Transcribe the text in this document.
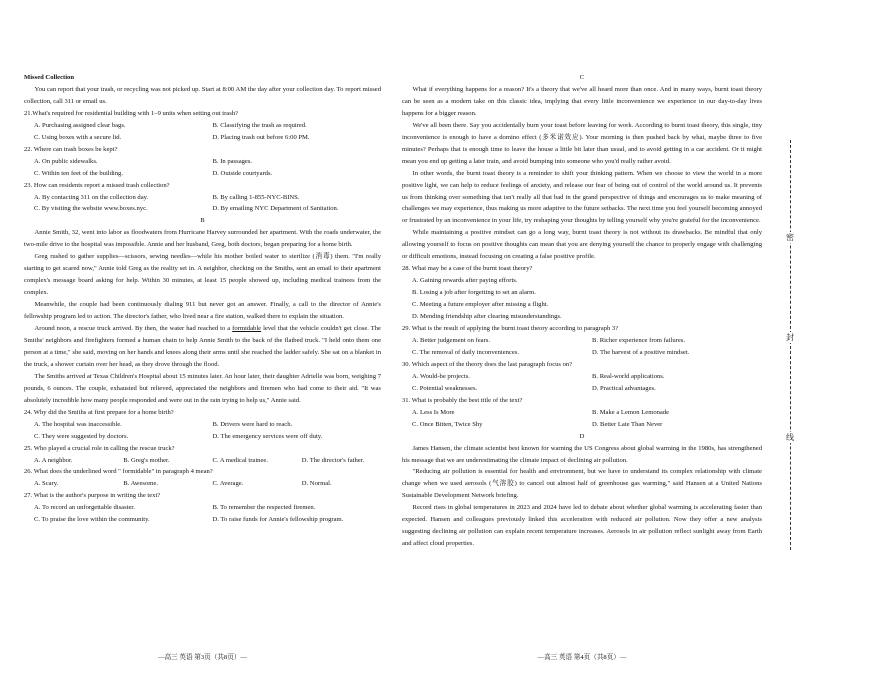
Missed Collection

You can report that your trash, or recycling was not picked up. Start at 8:00 AM the day after your collection day. To report missed collection, call 311 or email us.

21.What's required for residential building with 1–9 units when setting out trash?

A. Purchasing assigned clear bags.	B. Classifying the trash as required.
C. Using boxes with a secure lid.	D. Placing trash out before 6:00 PM.

22. Where can trash boxes be kept?

A. On public sidewalks.	B. In passages.
C. Within ten feet of the building.	D. Outside courtyards.

23. How can residents report a missed trash collection?

A. By contacting 311 on the collection day.	B. By calling 1-855-NYC-BINS.
C. By visiting the website www.boxes.nyc.	D. By emailing NYC Department of Sanitation.

B

Annie Smith, 32, went into labor as floodwaters from Hurricane Harvey surrounded her apartment. With the roads underwater, the two-mile drive to the hospital was impossible. Annie and her husband, Greg, both doctors, began preparing for a home birth.

Greg rushed to gather supplies—scissors, sewing needles—while his mother boiled water to sterilize (消毒) them. "I'm really starting to get scared now," Annie told Greg as the reality set in. A neighbor, checking on the Smiths, sent an email to their apartment complex's message board asking for help. Within 30 minutes, at least 15 people showed up, including medical trainees from the complex.

Meanwhile, the couple had been continuously dialing 911 but never got an answer. Finally, a call to the director of Annie's fellowship program led to action. The director's father, who lived near a fire station, walked there to explain the situation.

Around noon, a rescue truck arrived. By then, the water had reached to a formidable level that the vehicle couldn't get close. The Smiths' neighbors and firefighters formed a human chain to help Annie Smith to the back of the flatbed truck. "I held onto them one person at a time," she said, moving on her hands and knees along their arms until she reached the ladder safely. She sat on a blanket in the truck, a shower curtain over her head, as they drove through the flood.

The Smiths arrived at Texas Children's Hospital about 15 minutes later. An hour later, their daughter Adrielle was born, weighing 7 pounds, 6 ounces. The couple, exhausted but relieved, appreciated the neighbors and firemen who had come to their aid. "It was absolutely incredible how many people responded and were out in the rain trying to help us," Annie said.

24. Why did the Smiths at first prepare for a home birth?

A. The hospital was inaccessible.	B. Drivers were hard to reach.
C. They were suggested by doctors.	D. The emergency services were off duty.

25. Who played a crucial role in calling the rescue truck?

A. A neighbor.	B. Greg's mother.	C. A medical trainee.	D. The director's father.

26. What does the underlined word " formidable" in paragraph 4 mean?

A. Scary.	B. Awesome.	C. Average.	D. Normal.

27. What is the author's purpose in writing the text?

A. To record an unforgettable disaster.	B. To remember the respected firemen.
C. To praise the love within the community.	D. To raise funds for Annie's fellowship program.
—高三 英语 第3页（共8页）—

C

What if everything happens for a reason? It's a theory that we've all heard more than once. And in many ways, burnt toast theory can be seen as a modern take on this classic idea, implying that every little inconvenience we experience in our day-to-day lives happens for a bigger reason.

We've all been there. Say you accidentally burn your toast before leaving for work. According to burnt toast theory, this single, tiny inconvenience is enough to have a domino effect (多米诺效应). Your morning is then pushed back by what, maybe three to five minutes? Perhaps that is enough time to leave the house a little bit later than usual, and to avoid getting in a car accident. Or it might mean you end up getting a later train, and avoid bumping into someone who you'd really rather avoid.

In other words, the burnt toast theory is a reminder to shift your thinking pattern. When we choose to view the world in a more positive light, we can help to reduce feelings of anxiety, and release our fear of being out of control of the world around us. It prevents us from thinking over something that isn't really all that bad in the grand perspective of things and encourages us to make meaning of challenges we may experience, thus making us more adaptive to the future setbacks. The next time you feel yourself becoming annoyed or frustrated by an inconvenience in your life, try reshaping your thoughts by telling yourself why you're grateful for the inconvenience.

While maintaining a positive mindset can go a long way, burnt toast theory is not without its drawbacks. Be mindful that only allowing yourself to focus on positive thoughts can mean that you are denying yourself the chance to properly engage with challenging or difficult emotions, instead focusing on creating a false positive profile.

28. What may be a case of the burnt toast theory?

A. Gaining rewards after paying efforts.

B. Losing a job after forgetting to set an alarm.

C. Meeting a future employer after missing a flight.

D. Mending friendship after clearing misunderstandings.

29. What is the result of applying the burnt toast theory according to paragraph 3?

A. Better judgement on fears.	B. Richer experience from failures.
C. The removal of daily inconveniences.	D. The harvest of a positive mindset.

30. Which aspect of the theory does the last paragraph focus on?

A. Would-be projects.	B. Real-world applications.
C. Potential weaknesses.	D. Practical advantages.

31. What is probably the best title of the text?

A. Less Is More	B. Make a Lemon Lemonade
C. Once Bitten, Twice Shy	D. Better Late Than Never

D

James Hansen, the climate scientist best known for warning the US Congress about global warming in the 1980s, has strengthened his message that we are underestimating the climate impact of declining air pollution.

"Reducing air pollution is essential for health and environment, but we have to understand its complex relationship with climate change when we used aerosols (气溶胶) to cancel out almost half of greenhouse gas warming," said Hansen at a United Nations Sustainable Development Network briefing.

Record rises in global temperatures in 2023 and 2024 have led to debate about whether global warming is accelerating faster than expected. Hansen and colleagues previously linked this acceleration with reduced air pollution. Now they offer a new analysis suggesting declining air pollution can explain recent temperature increases. Aerosols in air pollution reflect sunlight away from Earth and affect cloud properties.

—高三 英语 第4页（共8页）—
密
封
线
